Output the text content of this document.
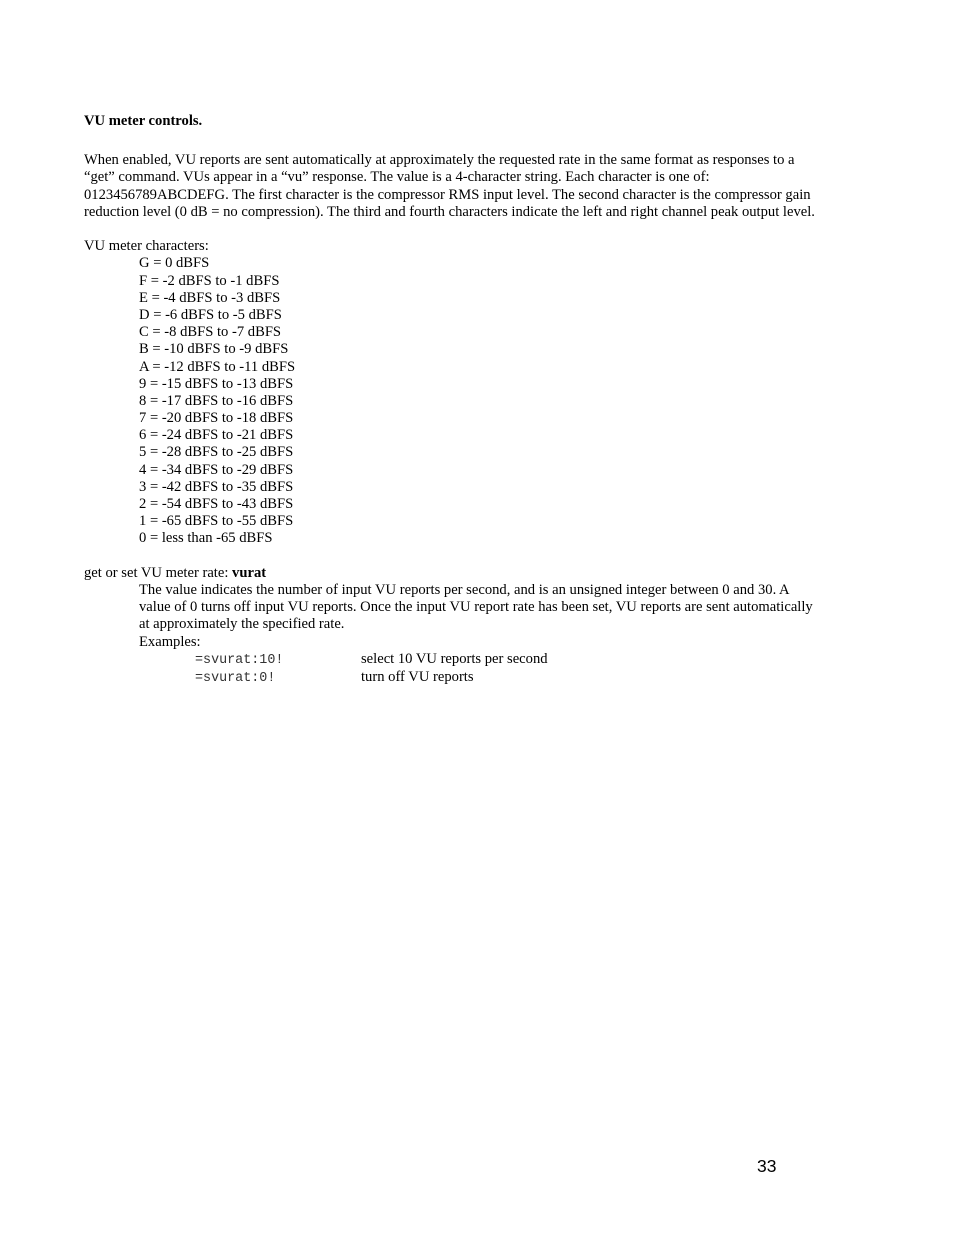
VU meter controls.

When enabled, VU reports are sent automatically at approximately the requested rate in the same format as responses to a
“get” command. VUs appear in a “vu” response. The value is a 4-character string. Each character is one of:
0123456789ABCDEFG. The first character is the compressor RMS input level. The second character is the compressor gain
reduction level (0 dB = no compression). The third and fourth characters indicate the left and right channel peak output level.

VU meter characters:

G = 0 dBFS

F = -2 dBFS to -1 dBFS

E = -4 dBFS to -3 dBFS

D = -6 dBFS to -5 dBFS

C = -8 dBFS to -7 dBFS

B = -10 dBFS to -9 dBFS

A = -12 dBFS to -11 dBFS

9 = -15 dBFS to -13 dBFS

8 = -17 dBFS to -16 dBFS

7 = -20 dBFS to -18 dBFS

6 = -24 dBFS to -21 dBFS

5 = -28 dBFS to -25 dBFS

4 = -34 dBFS to -29 dBFS

3 = -42 dBFS to -35 dBFS

2 = -54 dBFS to -43 dBFS

1 = -65 dBFS to -55 dBFS

0 = less than -65 dBFS

get or set VU meter rate: vurat

The value indicates the number of input VU reports per second, and is an unsigned integer between 0 and 30. A
value of 0 turns off input VU reports. Once the input VU report rate has been set, VU reports are sent automatically
at approximately the specified rate.

Examples:

=svurat:10!	select 10 VU reports per second
=svurat:0!	turn off VU reports
33
